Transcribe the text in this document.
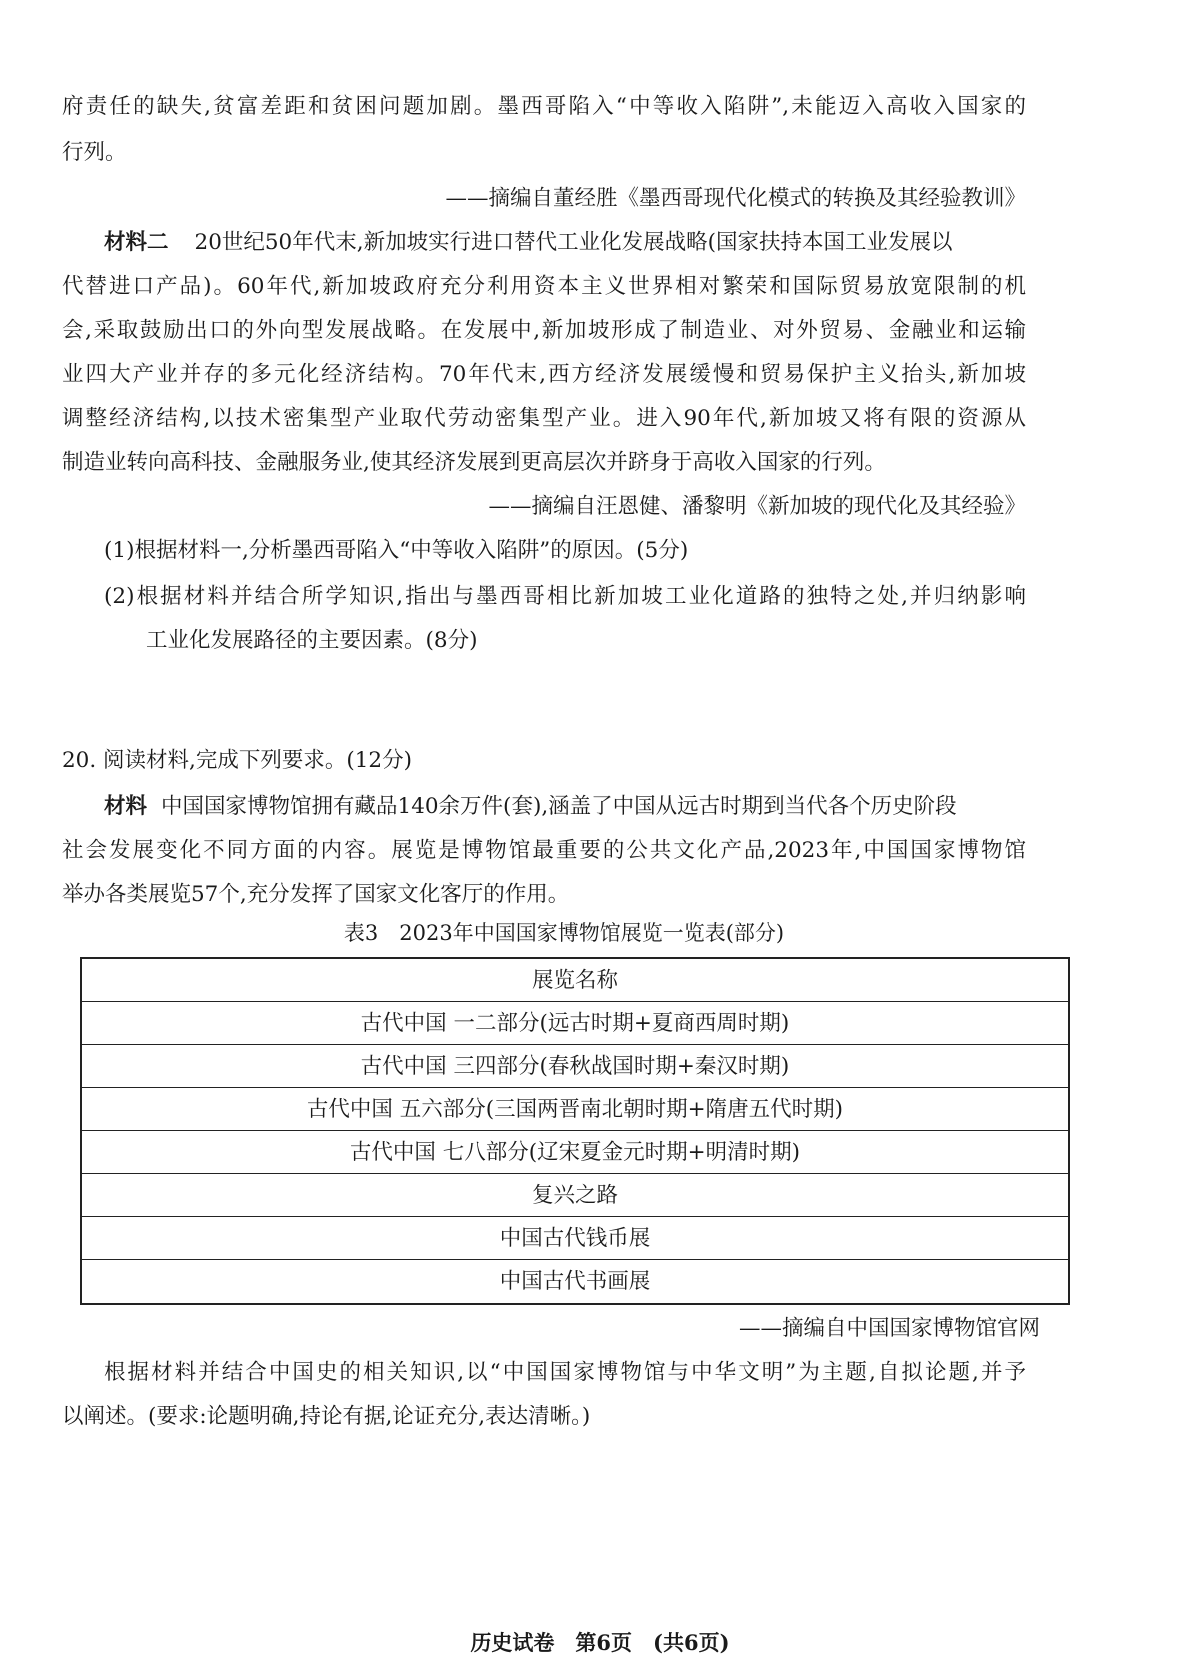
府责任的缺失,贫富差距和贫困问题加剧。墨西哥陷入“中等收入陷阱”,未能迈入高收入国家的
行列。
——摘编自董经胜《墨西哥现代化模式的转换及其经验教训》
材料二 20世纪50年代末,新加坡实行进口替代工业化发展战略(国家扶持本国工业发展以
代替进口产品)。60年代,新加坡政府充分利用资本主义世界相对繁荣和国际贸易放宽限制的机
会,采取鼓励出口的外向型发展战略。在发展中,新加坡形成了制造业、对外贸易、金融业和运输
业四大产业并存的多元化经济结构。70年代末,西方经济发展缓慢和贸易保护主义抬头,新加坡
调整经济结构,以技术密集型产业取代劳动密集型产业。进入90年代,新加坡又将有限的资源从
制造业转向高科技、金融服务业,使其经济发展到更高层次并跻身于高收入国家的行列。
——摘编自汪恩健、潘黎明《新加坡的现代化及其经验》
(1)根据材料一,分析墨西哥陷入“中等收入陷阱”的原因。(5分)
(2)根据材料并结合所学知识,指出与墨西哥相比新加坡工业化道路的独特之处,并归纳影响
工业化发展路径的主要因素。(8分)
20. 阅读材料,完成下列要求。(12分)
材料 中国国家博物馆拥有藏品140余万件(套),涵盖了中国从远古时期到当代各个历史阶段
社会发展变化不同方面的内容。展览是博物馆最重要的公共文化产品,2023年,中国国家博物馆
举办各类展览57个,充分发挥了国家文化客厅的作用。
表3　2023年中国国家博物馆展览一览表(部分)
展览名称
古代中国 一二部分(远古时期+夏商西周时期)
古代中国 三四部分(春秋战国时期+秦汉时期)
古代中国 五六部分(三国两晋南北朝时期+隋唐五代时期)
古代中国 七八部分(辽宋夏金元时期+明清时期)
复兴之路
中国古代钱币展
中国古代书画展
——摘编自中国国家博物馆官网
根据材料并结合中国史的相关知识,以“中国国家博物馆与中华文明”为主题,自拟论题,并予
以阐述。(要求:论题明确,持论有据,论证充分,表达清晰。)
历史试卷　第6页　(共6页)
